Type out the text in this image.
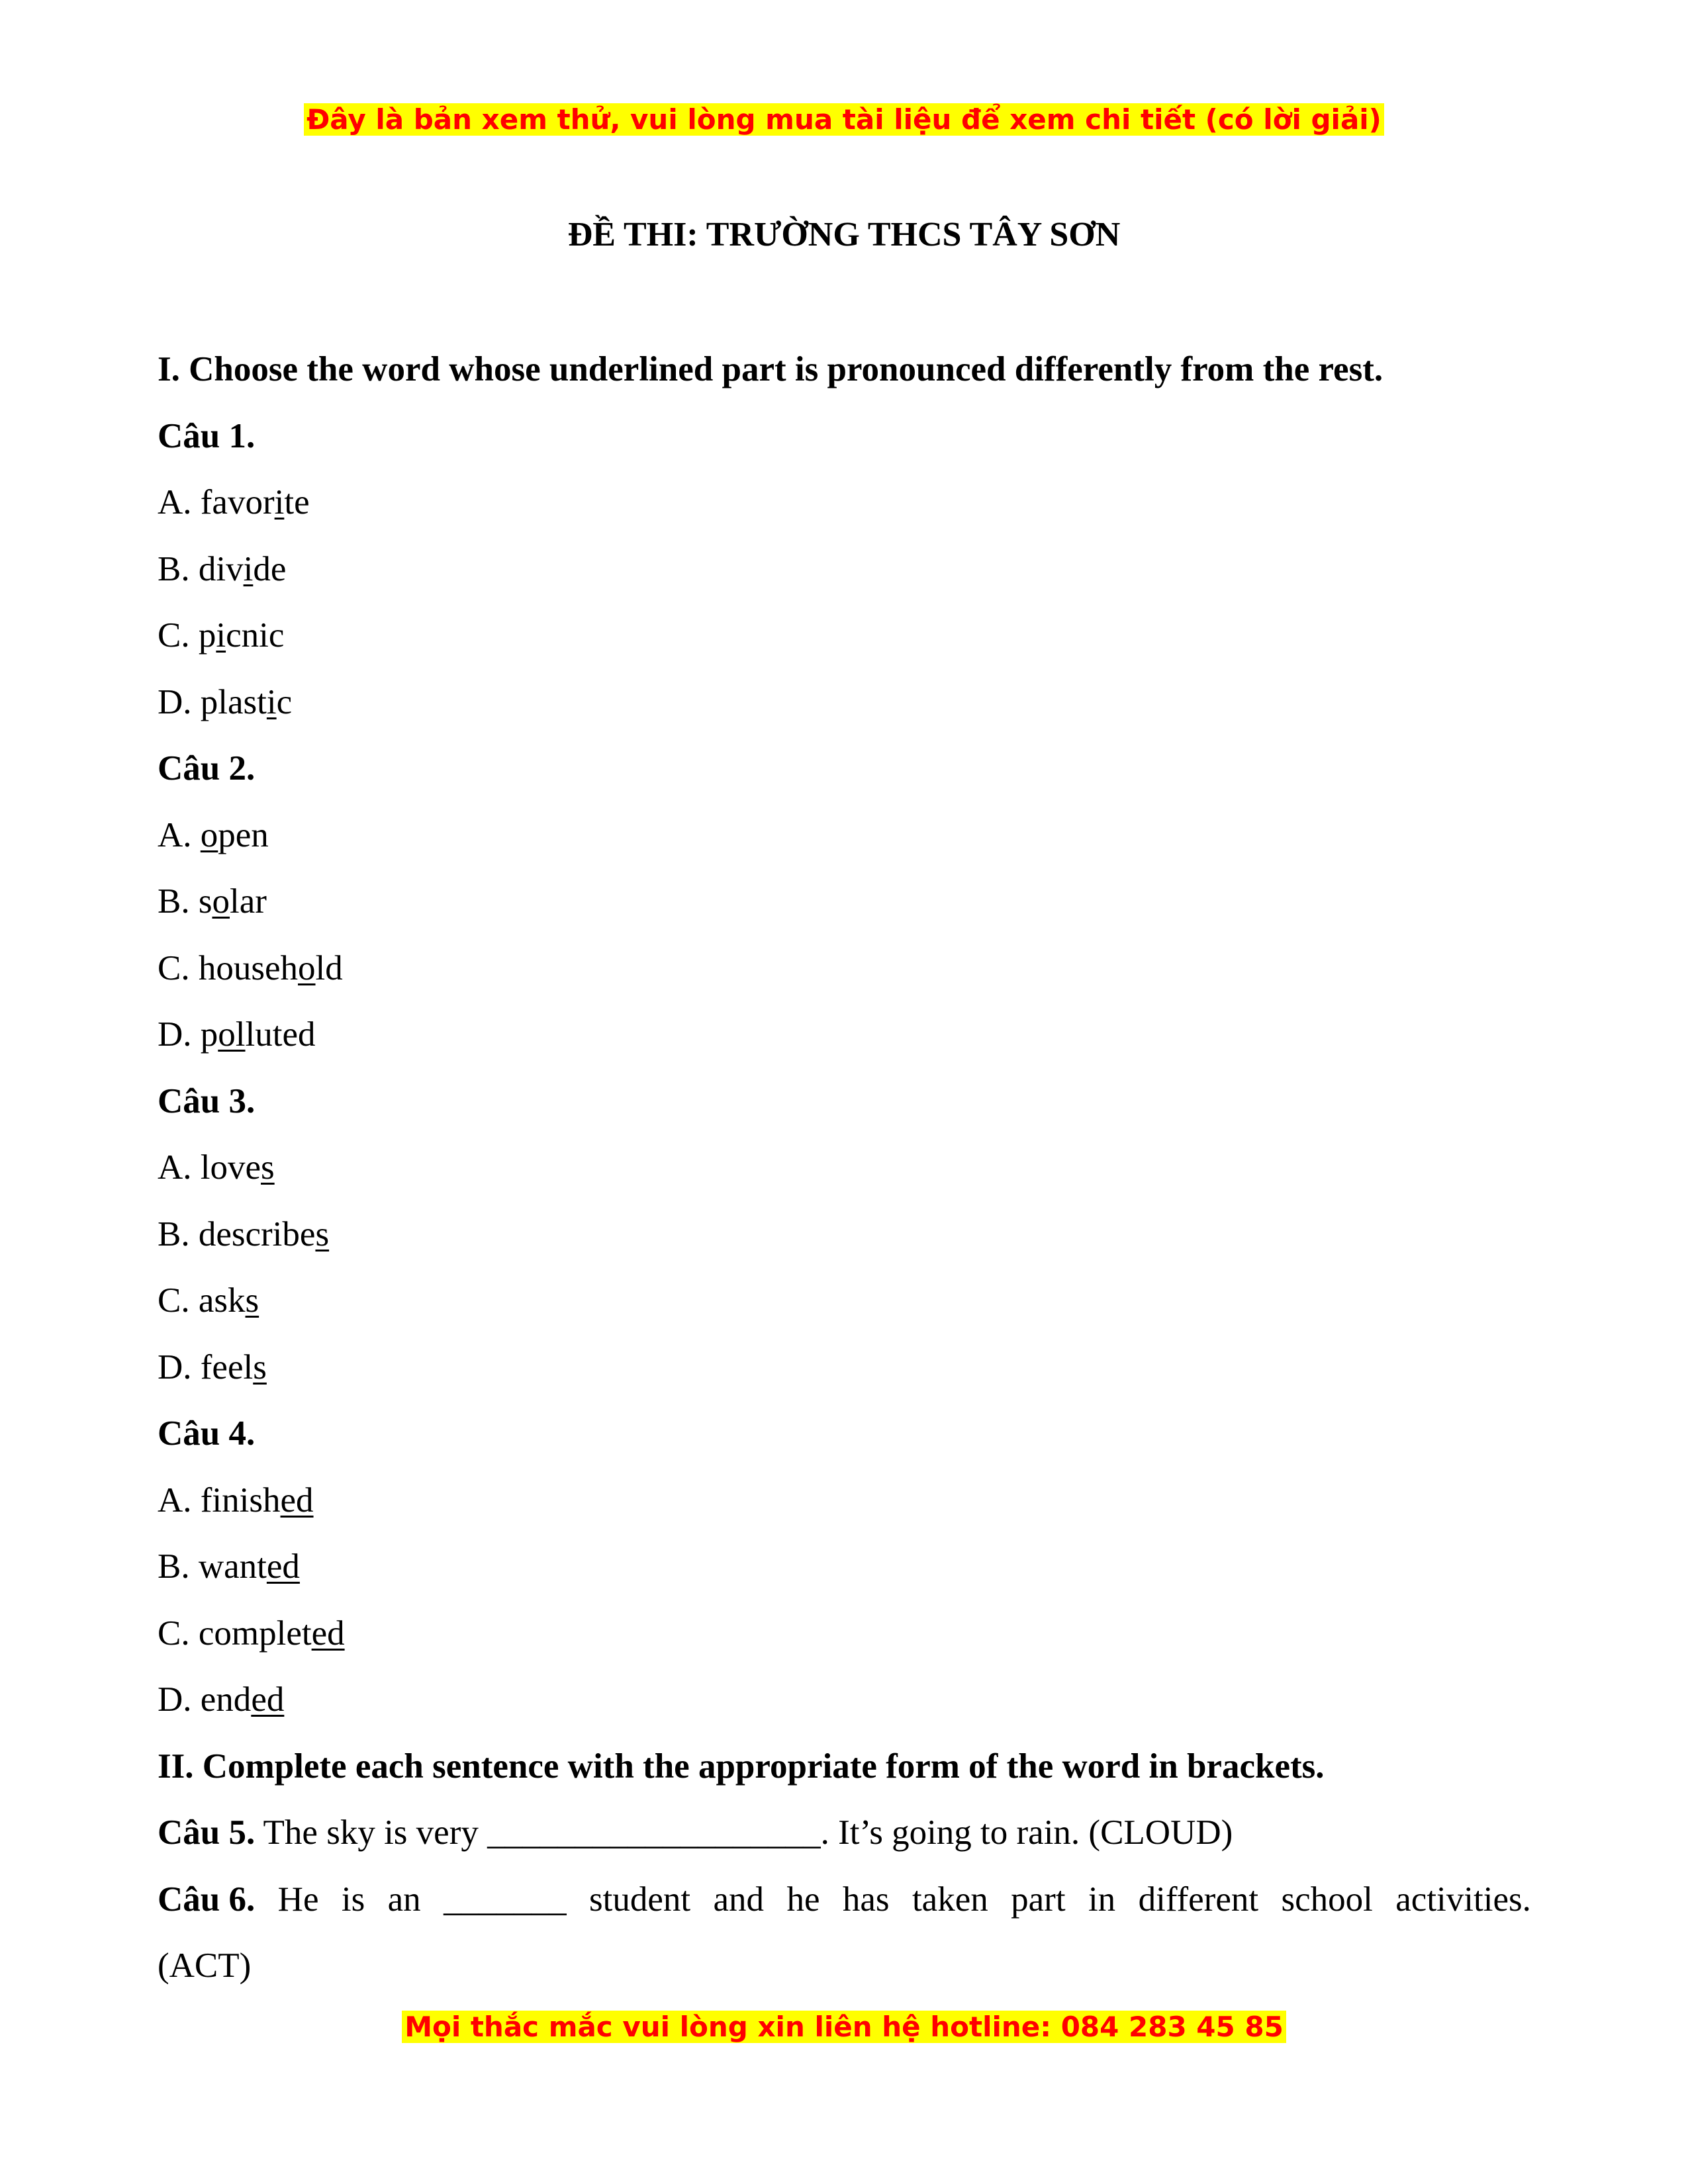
Đây là bản xem thử, vui lòng mua tài liệu để xem chi tiết (có lời giải)
ĐỀ THI: TRƯỜNG THCS TÂY SƠN
I. Choose the word whose underlined part is pronounced differently from the rest.
Câu 1.
A. favorite
B. divide
C. picnic
D. plastic
Câu 2.
A. open
B. solar
C. household
D. polluted
Câu 3.
A. loves
B. describes
C. asks
D. feels
Câu 4.
A. finished
B. wanted
C. completed
D. ended
II. Complete each sentence with the appropriate form of the word in brackets.
Câu 5. The sky is very ___________________. It’s going to rain. (CLOUD)
Câu 6. He is an _______ student and he has taken part in different school activities.
(ACT)
Mọi thắc mắc vui lòng xin liên hệ hotline: 084 283 45 85
